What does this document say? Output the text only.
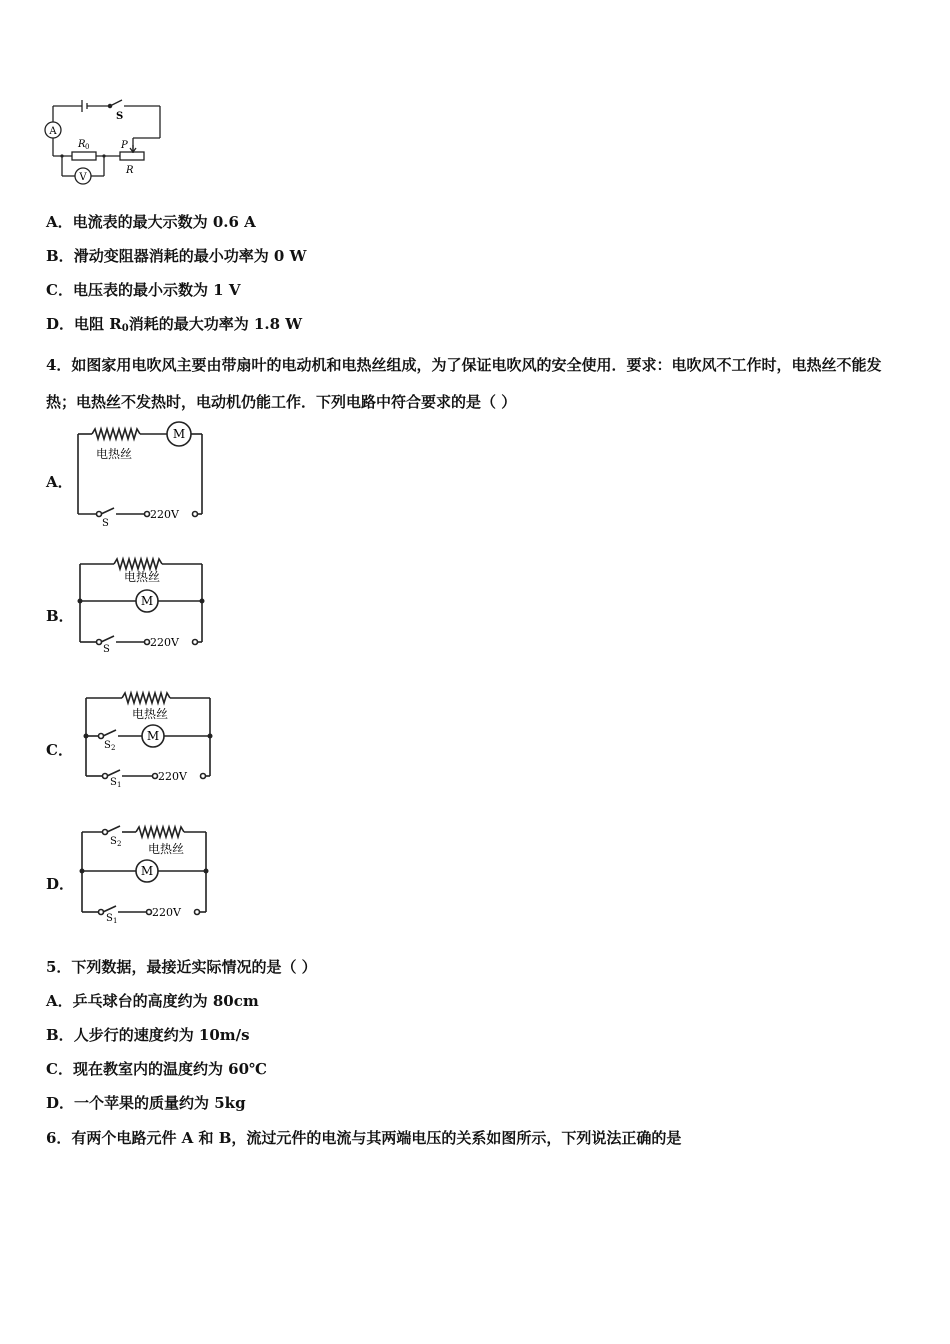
A
V
S
R 0	P
R
A．电流表的最大示数为 0.6 A
B．滑动变阻器消耗的最小功率为 0 W
C．电压表的最小示数为 1 V
D．电阻 $R_0$消耗的最大功率为 1.8 W
4．如图家用电吹风主要由带扇叶的电动机和电热丝组成，为了保证电吹风的安全使用．要求：电吹风不工作时，电热丝不能发热；电热丝不发热时，电动机仍能工作．下列电路中符合要求的是（ ）
A．
M
电热丝
S
220V
B．
M
电热丝
S
220V
C．
M
电热丝
S 2
S 1
220V
D．
M
电热丝
S 2
S 1
220V
5．下列数据，最接近实际情况的是（ ）
A．乒乓球台的高度约为 80cm
B．人步行的速度约为 10m/s
C．现在教室内的温度约为 60℃
D．一个苹果的质量约为 5kg
6．有两个电路元件 A 和 B，流过元件的电流与其两端电压的关系如图所示，下列说法正确的是
